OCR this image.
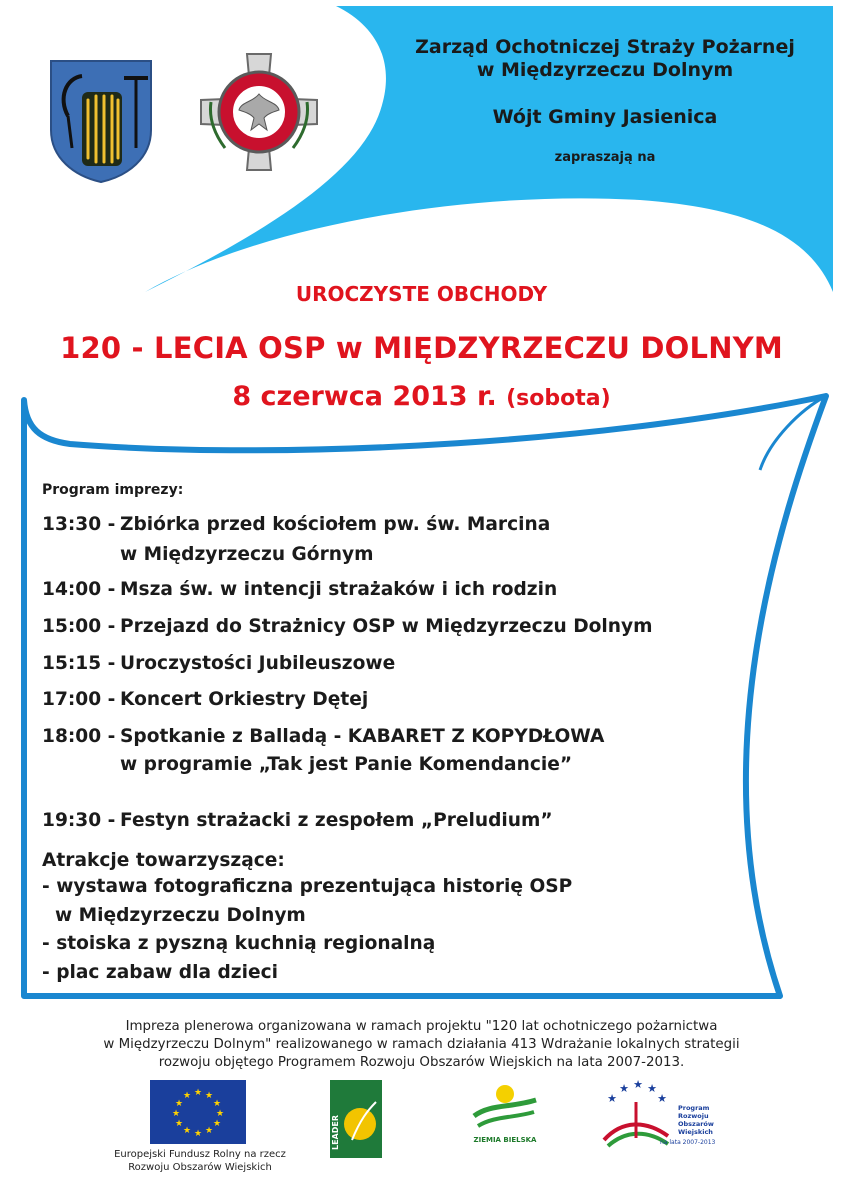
Zarząd Ochotniczej Straży Pożarnej
w Międzyrzeczu Dolnym
Wójt Gminy Jasienica
zapraszają na
UROCZYSTE OBCHODY
120 - LECIA OSP w MIĘDZYRZECZU DOLNYM
8 czerwca 2013 r. (sobota)
Program imprezy:
13:30 - Zbiórka przed kościołem pw. św. Marcina
w Międzyrzeczu Górnym
14:00 - Msza św. w intencji strażaków i ich rodzin
15:00 - Przejazd do Strażnicy OSP w Międzyrzeczu Dolnym
15:15 - Uroczystości Jubileuszowe
17:00 - Koncert Orkiestry Dętej
18:00 - Spotkanie z Balladą - KABARET Z KOPYDŁOWA
w programie „Tak jest Panie Komendancie”
19:30 - Festyn strażacki z zespołem „Preludium”
Atrakcje towarzyszące:
- wystawa fotograficzna prezentująca historię OSP
w Międzyrzeczu Dolnym
- stoiska z pyszną kuchnią regionalną
- plac zabaw dla dzieci
Impreza plenerowa organizowana w ramach projektu "120 lat ochotniczego pożarnictwa
w Międzyrzeczu Dolnym" realizowanego w ramach działania 413 Wdrażanie lokalnych strategii
rozwoju objętego Programem Rozwoju Obszarów Wiejskich na lata 2007-2013.
★ ★
★
★
★
★
★
★
★
★
★
★
Europejski Fundusz Rolny na rzecz
Rozwoju Obszarów Wiejskich
LEADER	ZIEMIA BIELSKA
★
★ ★ ★
★
Program
Rozwoju
Obszarów
Wiejskich
na lata 2007-2013
